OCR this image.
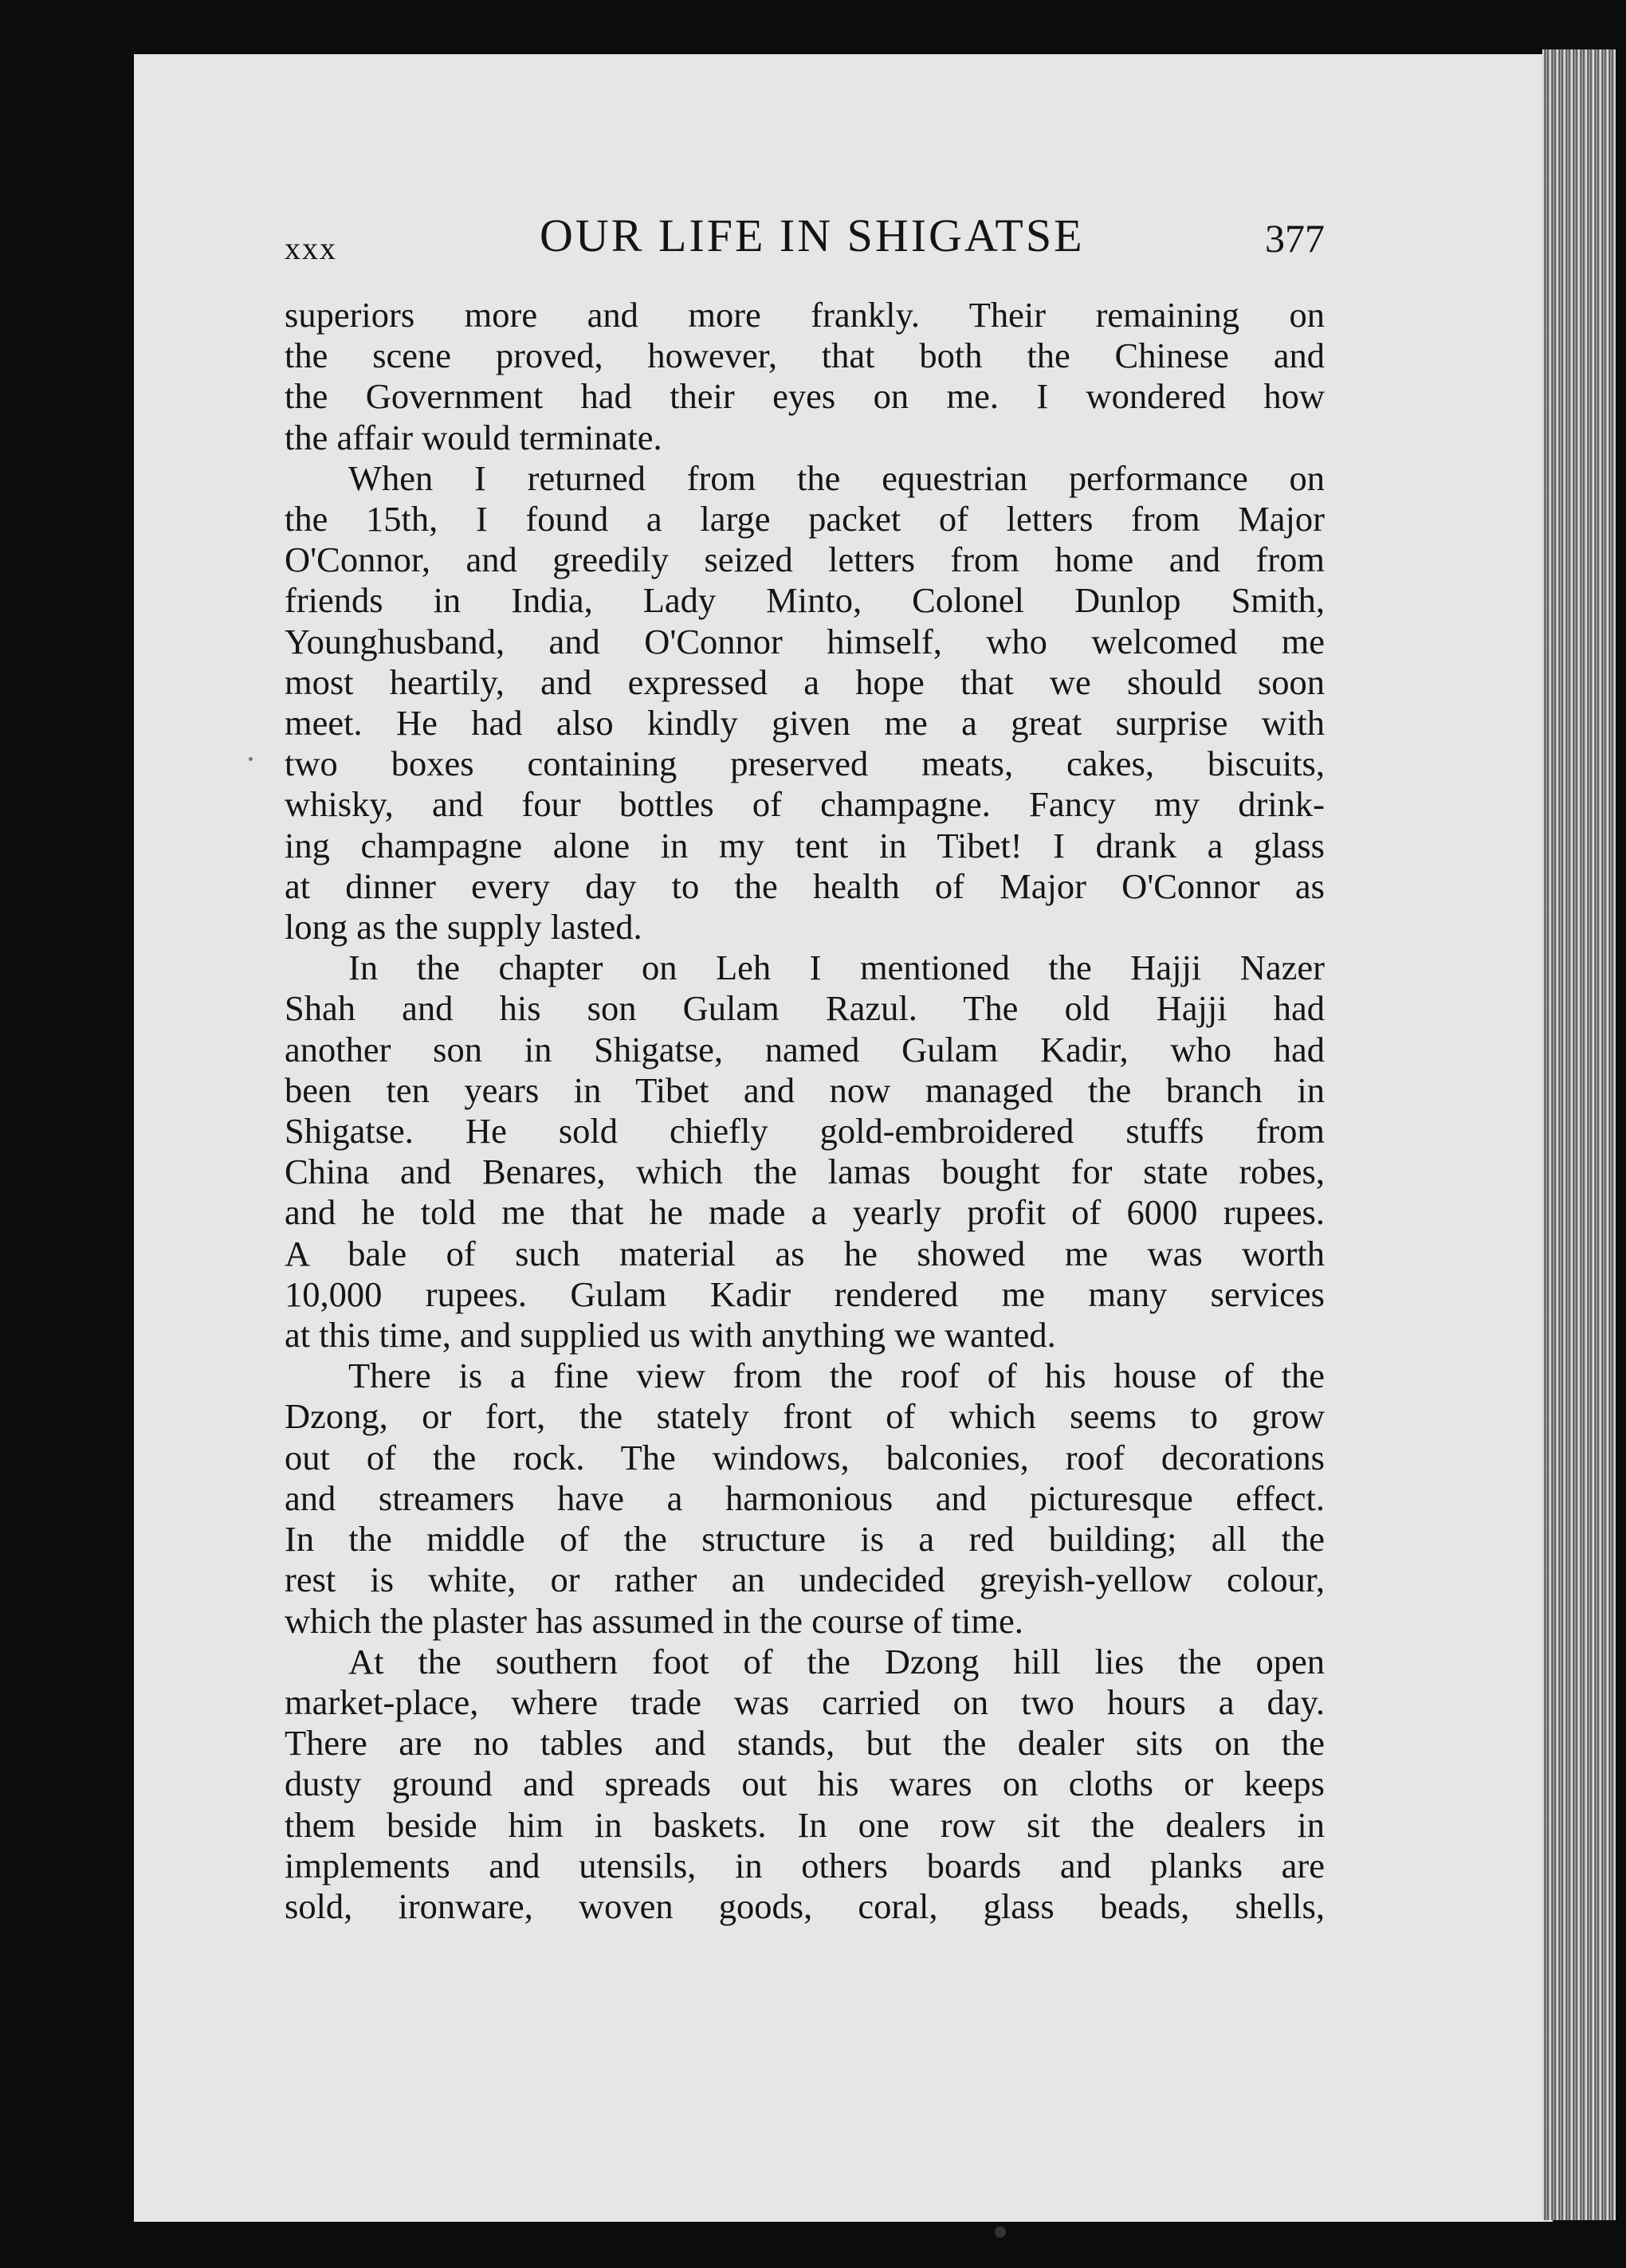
xxx	OUR LIFE IN SHIGATSE	377

superiors more and more frankly. Their remaining on
the scene proved, however, that both the Chinese and
the Government had their eyes on me. I wondered how
the affair would terminate.

When I returned from the equestrian performance on
the 15th, I found a large packet of letters from Major
O'Connor, and greedily seized letters from home and from
friends in India, Lady Minto, Colonel Dunlop Smith,
Younghusband, and O'Connor himself, who welcomed me
most heartily, and expressed a hope that we should soon
meet. He had also kindly given me a great surprise with
two boxes containing preserved meats, cakes, biscuits,
whisky, and four bottles of champagne. Fancy my drink-
ing champagne alone in my tent in Tibet! I drank a glass
at dinner every day to the health of Major O'Connor as
long as the supply lasted.

In the chapter on Leh I mentioned the Hajji Nazer
Shah and his son Gulam Razul. The old Hajji had
another son in Shigatse, named Gulam Kadir, who had
been ten years in Tibet and now managed the branch in
Shigatse. He sold chiefly gold-embroidered stuffs from
China and Benares, which the lamas bought for state robes,
and he told me that he made a yearly profit of 6000 rupees.
A bale of such material as he showed me was worth
10,000 rupees. Gulam Kadir rendered me many services
at this time, and supplied us with anything we wanted.

There is a fine view from the roof of his house of the
Dzong, or fort, the stately front of which seems to grow
out of the rock. The windows, balconies, roof decorations
and streamers have a harmonious and picturesque effect.
In the middle of the structure is a red building; all the
rest is white, or rather an undecided greyish-yellow colour,
which the plaster has assumed in the course of time.

At the southern foot of the Dzong hill lies the open
market-place, where trade was carried on two hours a day.
There are no tables and stands, but the dealer sits on the
dusty ground and spreads out his wares on cloths or keeps
them beside him in baskets. In one row sit the dealers in
implements and utensils, in others boards and planks are
sold, ironware, woven goods, coral, glass beads, shells,
